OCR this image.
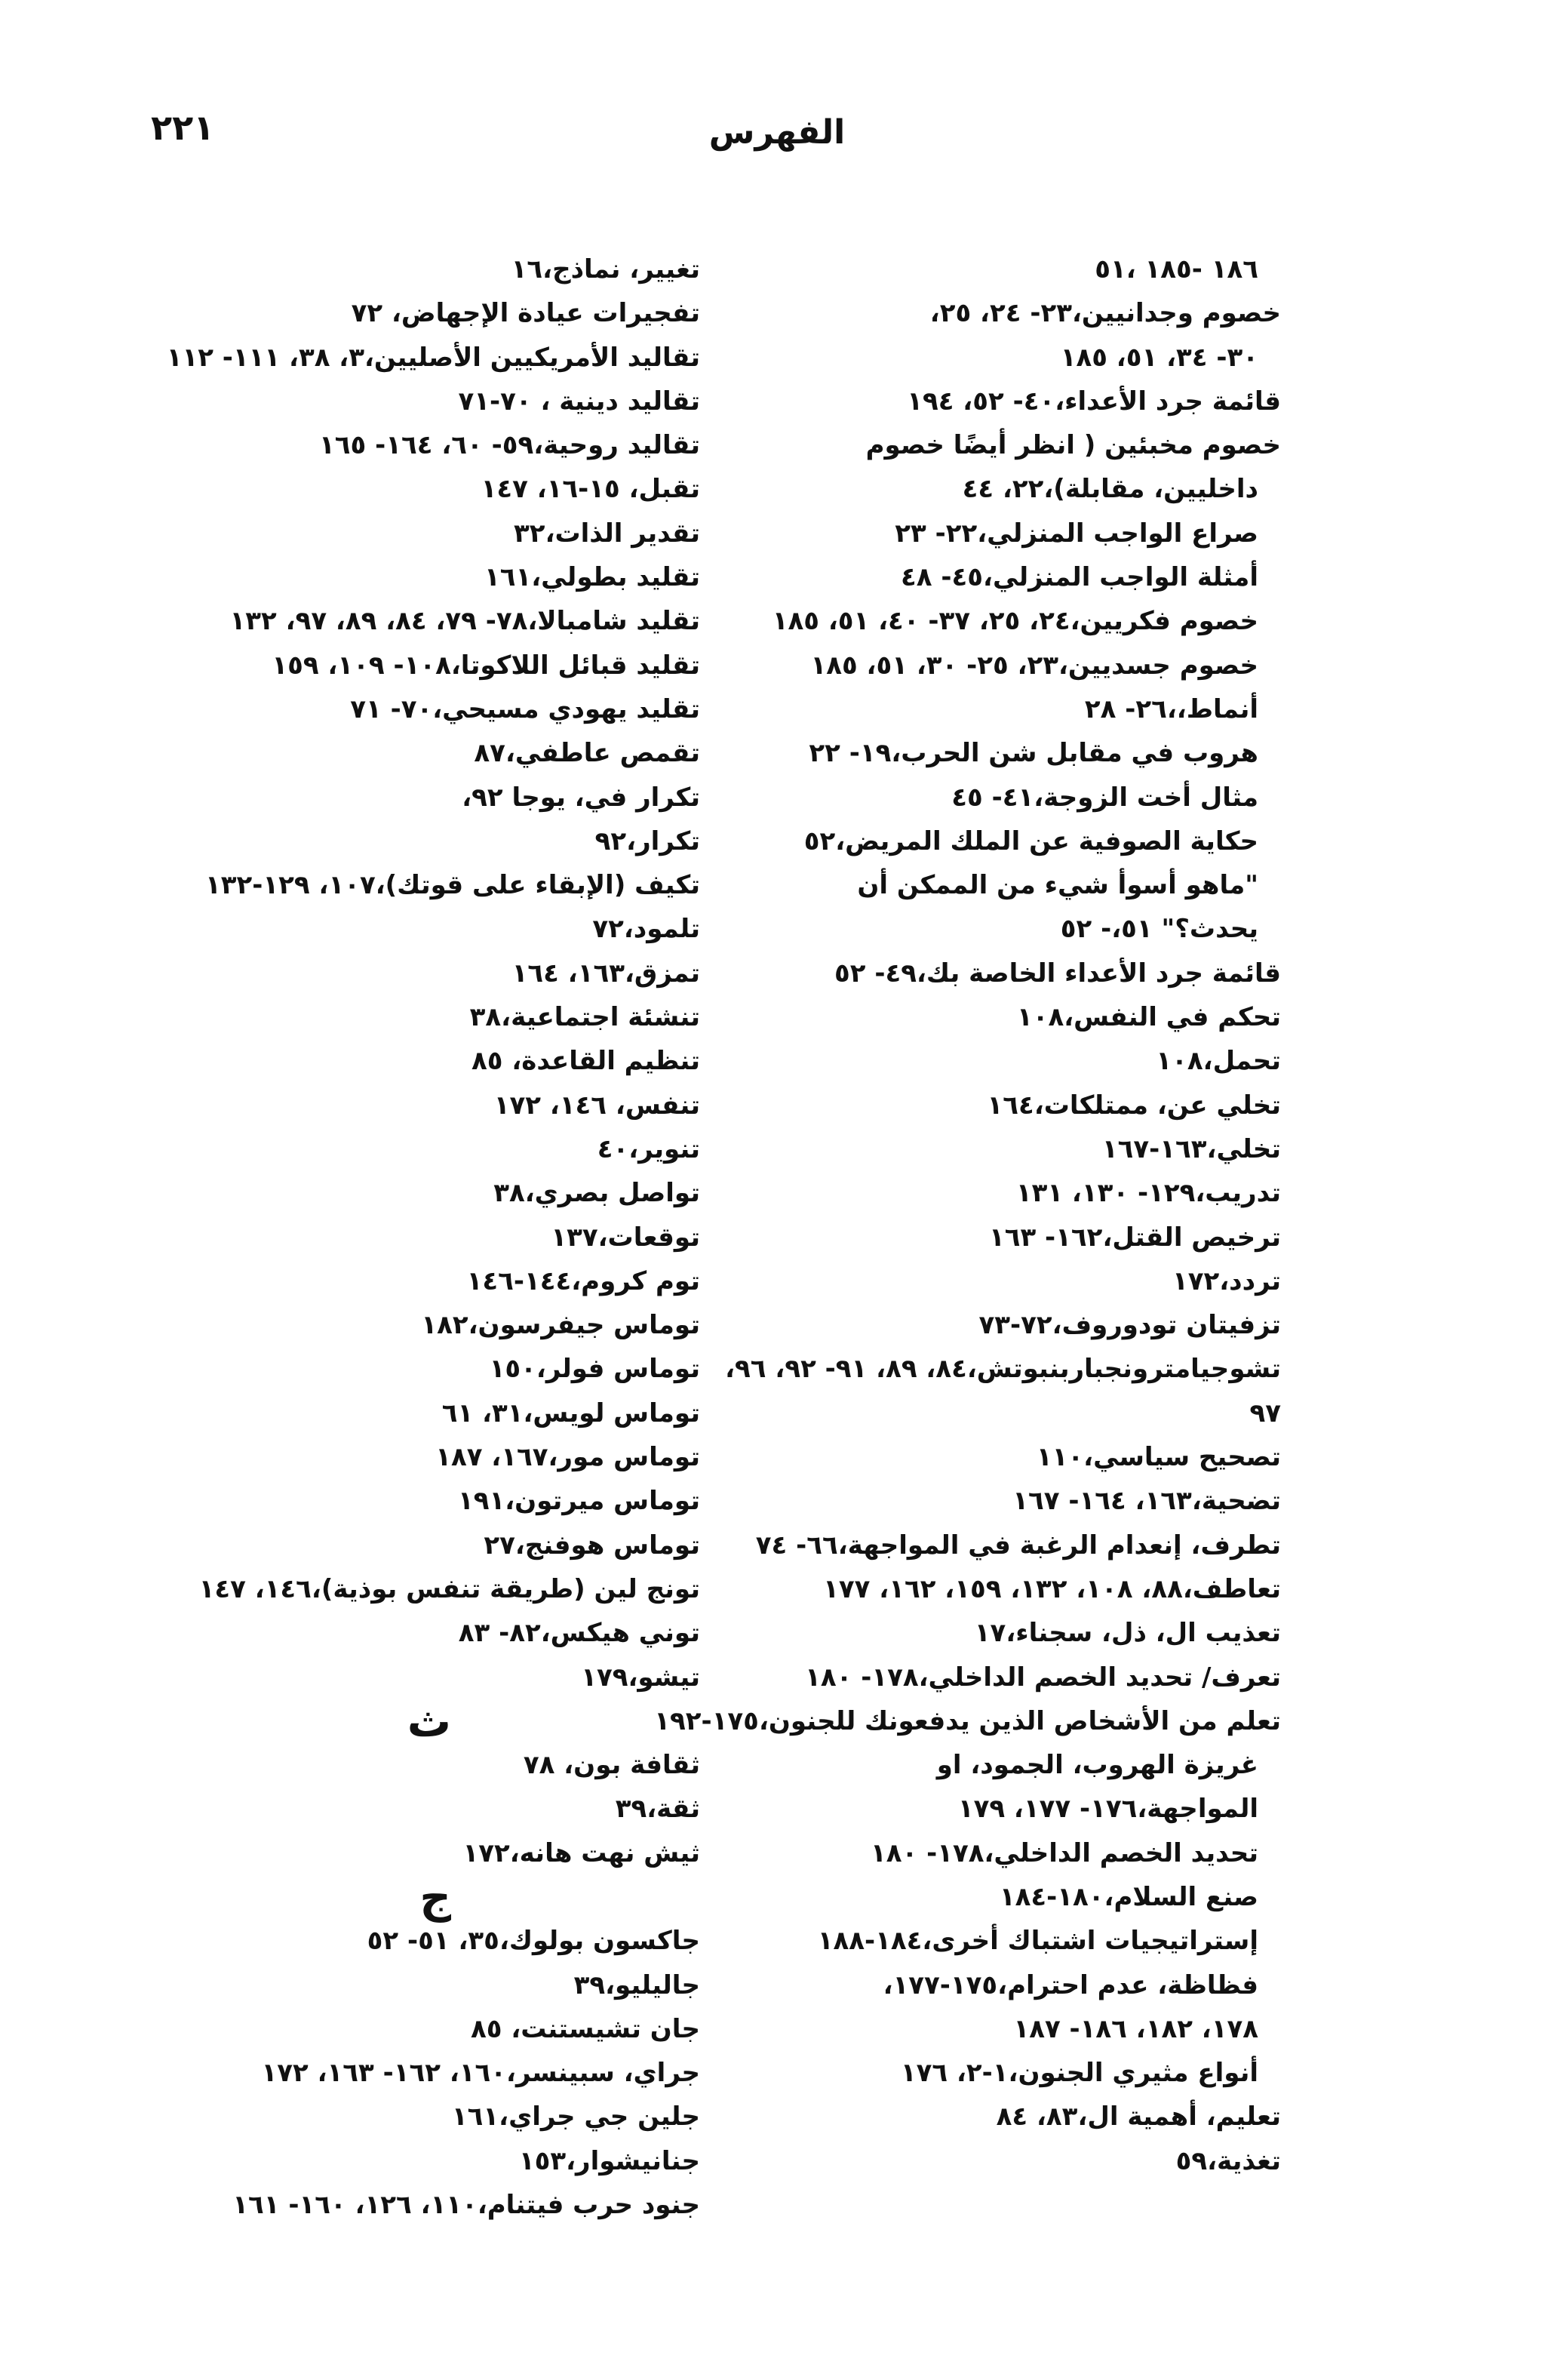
٢٢١	الفهرس
١٨٦ -١٨٥ ،٥١
خصوم وجدانيين،٢٣- ٢٤، ٢٥،
٣٠- ٣٤، ٥١، ١٨٥
قائمة جرد الأعداء،٤٠- ٥٢، ١٩٤
خصوم مخبئين ( انظر أيضًا خصوم
داخليين، مقابلة)،٢٢، ٤٤
صراع الواجب المنزلي،٢٢- ٢٣
أمثلة الواجب المنزلي،٤٥- ٤٨
خصوم فكريين،٢٤، ٢٥، ٣٧- ٤٠، ٥١، ١٨٥
خصوم جسديين،٢٣، ٢٥- ٣٠، ٥١، ١٨٥
أنماط،،٢٦- ٢٨
هروب في مقابل شن الحرب،١٩- ٢٢
مثال أخت الزوجة،٤١- ٤٥
حكاية الصوفية عن الملك المريض،٥٢
"ماهو أسوأ شيء من الممكن أن
يحدث؟" ٥١،- ٥٢
قائمة جرد الأعداء الخاصة بك،٤٩- ٥٢
تحكم في النفس،١٠٨
تحمل،١٠٨
تخلي عن، ممتلكات،١٦٤
تخلي،١٦٣-١٦٧
تدريب،١٢٩- ١٣٠، ١٣١
ترخيص القتل،١٦٢- ١٦٣
تردد،١٧٢
تزفيتان تودوروف،٧٢-٧٣
تشوجيامترونجباربنبوتش،٨٤، ٨٩، ٩١- ٩٢، ٩٦،
٩٧
تصحيح سياسي،١١٠
تضحية،١٦٣، ١٦٤- ١٦٧
تطرف، إنعدام الرغبة في المواجهة،٦٦- ٧٤
تعاطف،٨٨، ١٠٨، ١٣٢، ١٥٩، ١٦٢، ١٧٧
تعذيب ال، ذل، سجناء،١٧
تعرف/ تحديد الخصم الداخلي،١٧٨- ١٨٠
تعلم من الأشخاص الذين يدفعونك للجنون،١٧٥-١٩٢
غريزة الهروب، الجمود، او
المواجهة،١٧٦- ١٧٧، ١٧٩
تحديد الخصم الداخلي،١٧٨- ١٨٠
صنع السلام،١٨٠-١٨٤
إستراتيجيات اشتباك أخرى،١٨٤-١٨٨
فظاظة، عدم احترام،١٧٥-١٧٧،
١٧٨، ١٨٢، ١٨٦- ١٨٧
أنواع مثيري الجنون،١-٢، ١٧٦
تعليم، أهمية ال،٨٣، ٨٤
تغذية،٥٩
تغيير، نماذج،١٦
تفجيرات عيادة الإجهاض، ٧٢
تقاليد الأمريكيين الأصليين،٣، ٣٨، ١١١- ١١٢
تقاليد دينية ، ٧٠-٧١
تقاليد روحية،٥٩- ٦٠، ١٦٤- ١٦٥
تقبل، ١٥-١٦، ١٤٧
تقدير الذات،٣٢
تقليد بطولي،١٦١
تقليد شامبالا،٧٨- ٧٩، ٨٤، ٨٩، ٩٧، ١٣٢
تقليد قبائل اللاكوتا،١٠٨- ١٠٩، ١٥٩
تقليد يهودي مسيحي،٧٠- ٧١
تقمص عاطفي،٨٧
تكرار في، يوجا ٩٢،
تكرار،٩٢
تكيف (الإبقاء على قوتك)،١٠٧، ١٢٩-١٣٢
تلمود،٧٢
تمزق،١٦٣، ١٦٤
تنشئة اجتماعية،٣٨
تنظيم القاعدة، ٨٥
تنفس، ١٤٦، ١٧٢
تنوير،٤٠
تواصل بصري،٣٨
توقعات،١٣٧
توم كروم،١٤٤-١٤٦
توماس جيفرسون،١٨٢
توماس فولر،١٥٠
توماس لويس،٣١، ٦١
توماس مور،١٦٧، ١٨٧
توماس ميرتون،١٩١
توماس هوفنج،٢٧
تونج لين (طريقة تنفس بوذية)،١٤٦، ١٤٧
توني هيكس،٨٢- ٨٣
تيشو،١٧٩
ث
ثقافة بون، ٧٨
ثقة،٣٩
ثيش نهت هانه،١٧٢
ج
جاكسون بولوك،٣٥، ٥١- ٥٢
جاليليو،٣٩
جان تشيستنت، ٨٥
جراي، سبينسر،١٦٠، ١٦٢- ١٦٣، ١٧٢
جلين جي جراي،١٦١
جنانيشوار،١٥٣
جنود حرب فيتنام،١١٠، ١٢٦، ١٦٠- ١٦١
